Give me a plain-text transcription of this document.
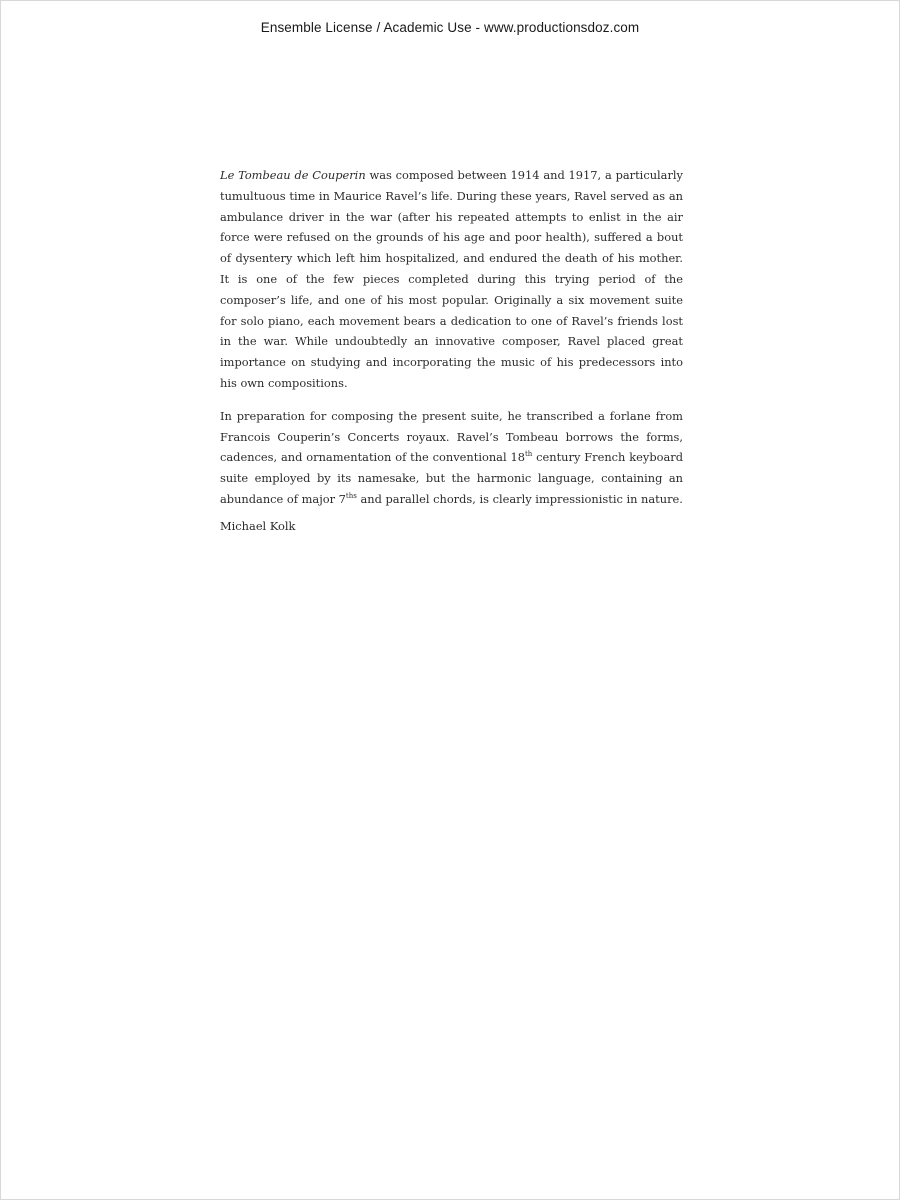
Ensemble License / Academic Use - www.productionsdoz.com

Le Tombeau de Couperin was composed between 1914 and 1917, a particularly tumultuous time in Maurice Ravel’s life. During these years, Ravel served as an ambulance driver in the war (after his repeated attempts to enlist in the air force were refused on the grounds of his age and poor health), suffered a bout of dysentery which left him hospitalized, and endured the death of his mother. It is one of the few pieces completed during this trying period of the composer’s life, and one of his most popular. Originally a six movement suite for solo piano, each movement bears a dedication to one of Ravel’s friends lost in the war. While undoubtedly an innovative composer, Ravel placed great importance on studying and incorporating the music of his predecessors into his own compositions.

In preparation for composing the present suite, he transcribed a forlane from Francois Couperin’s Concerts royaux. Ravel’s Tombeau borrows the forms, cadences, and ornamentation of the conventional 18th century French keyboard suite employed by its namesake, but the harmonic language, containing an abundance of major $7^{ths}$ and parallel chords, is clearly impressionistic in nature.

Michael Kolk
